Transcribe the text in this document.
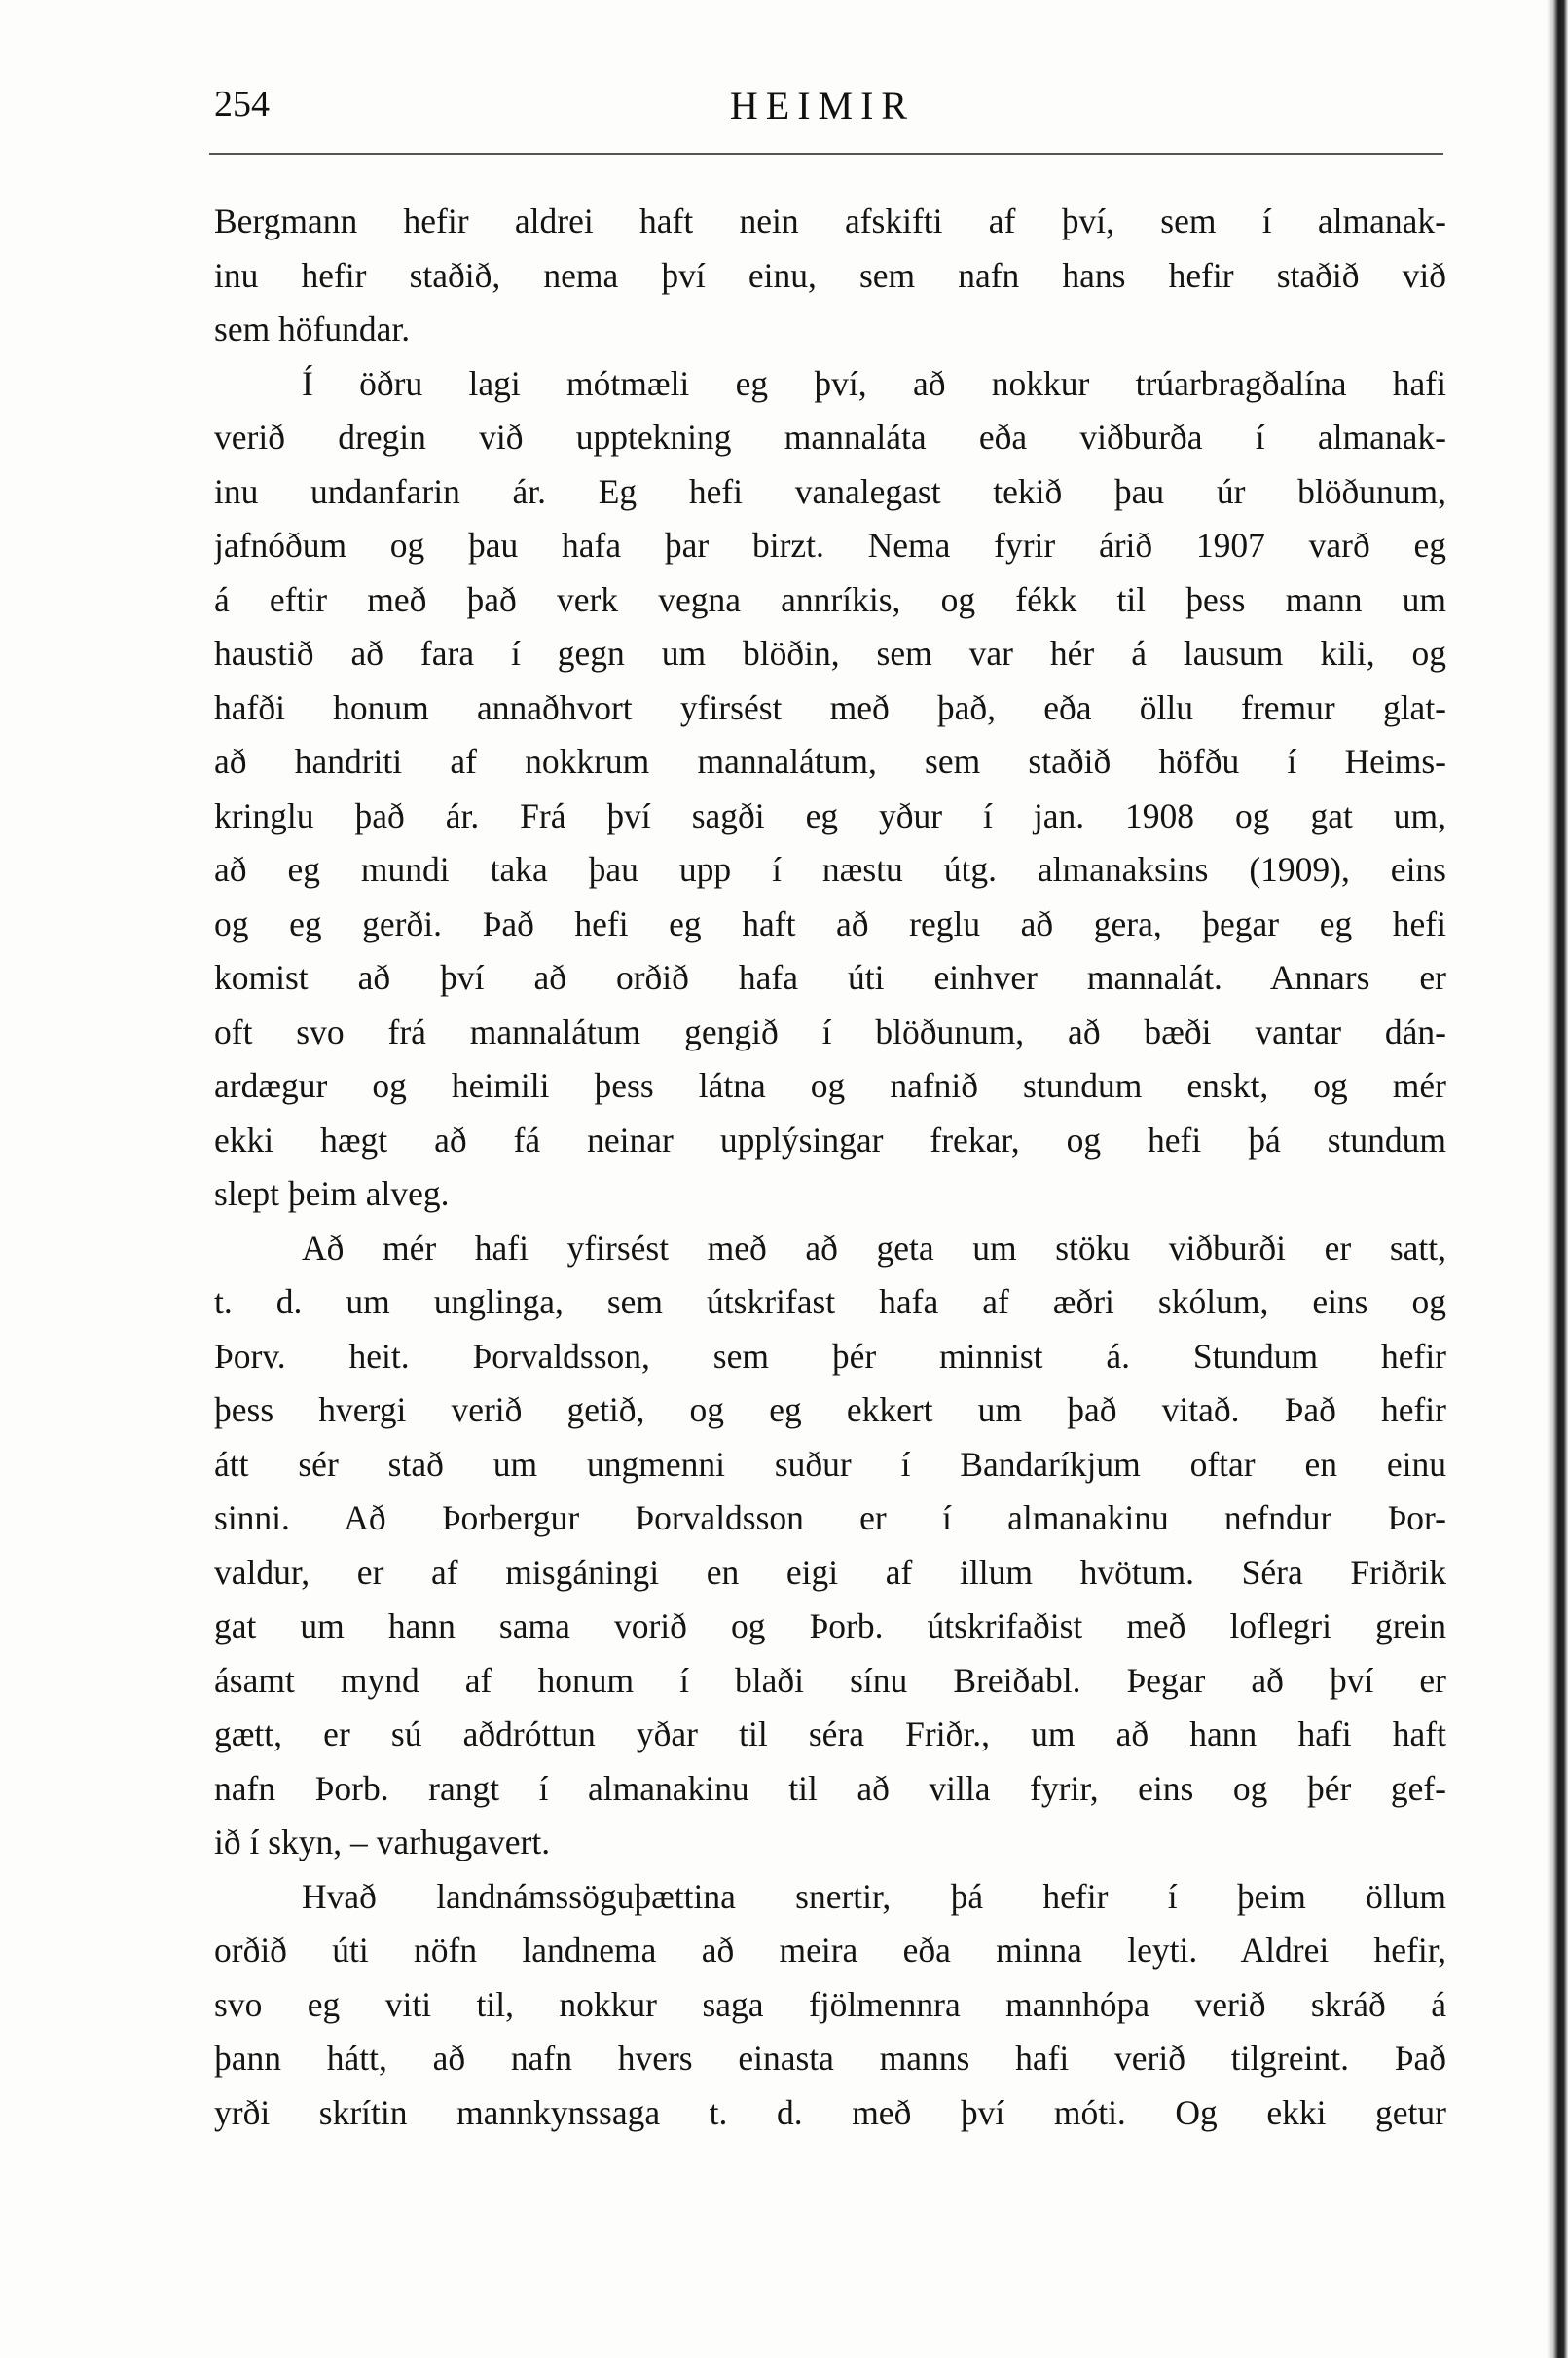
254	HEIMIR
Bergmann hefir aldrei haft nein afskifti af því, sem í almanak-
inu hefir staðið, nema því einu, sem nafn hans hefir staðið við
sem höfundar.
Í öðru lagi mótmæli eg því, að nokkur trúarbragðalína hafi
verið dregin við upptekning mannaláta eða viðburða í almanak-
inu undanfarin ár. Eg hefi vanalegast tekið þau úr blöðunum,
jafnóðum og þau hafa þar birzt. Nema fyrir árið 1907 varð eg
á eftir með það verk vegna annríkis, og fékk til þess mann um
haustið að fara í gegn um blöðin, sem var hér á lausum kili, og
hafði honum annaðhvort yfirsést með það, eða öllu fremur glat-
að handriti af nokkrum mannalátum, sem staðið höfðu í Heims-
kringlu það ár. Frá því sagði eg yður í jan. 1908 og gat um,
að eg mundi taka þau upp í næstu útg. almanaksins (1909), eins
og eg gerði. Það hefi eg haft að reglu að gera, þegar eg hefi
komist að því að orðið hafa úti einhver mannalát. Annars er
oft svo frá mannalátum gengið í blöðunum, að bæði vantar dán-
ardægur og heimili þess látna og nafnið stundum enskt, og mér
ekki hægt að fá neinar upplýsingar frekar, og hefi þá stundum
slept þeim alveg.
Að mér hafi yfirsést með að geta um stöku viðburði er satt,
t. d. um unglinga, sem útskrifast hafa af æðri skólum, eins og
Þorv. heit. Þorvaldsson, sem þér minnist á. Stundum hefir
þess hvergi verið getið, og eg ekkert um það vitað. Það hefir
átt sér stað um ungmenni suður í Bandaríkjum oftar en einu
sinni. Að Þorbergur Þorvaldsson er í almanakinu nefndur Þor-
valdur, er af misgáningi en eigi af illum hvötum. Séra Friðrik
gat um hann sama vorið og Þorb. útskrifaðist með loflegri grein
ásamt mynd af honum í blaði sínu Breiðabl. Þegar að því er
gætt, er sú aðdróttun yðar til séra Friðr., um að hann hafi haft
nafn Þorb. rangt í almanakinu til að villa fyrir, eins og þér gef-
ið í skyn, – varhugavert.
Hvað landnámssöguþættina snertir, þá hefir í þeim öllum
orðið úti nöfn landnema að meira eða minna leyti. Aldrei hefir,
svo eg viti til, nokkur saga fjölmennra mannhópa verið skráð á
þann hátt, að nafn hvers einasta manns hafi verið tilgreint. Það
yrði skrítin mannkynssaga t. d. með því móti. Og ekki getur
